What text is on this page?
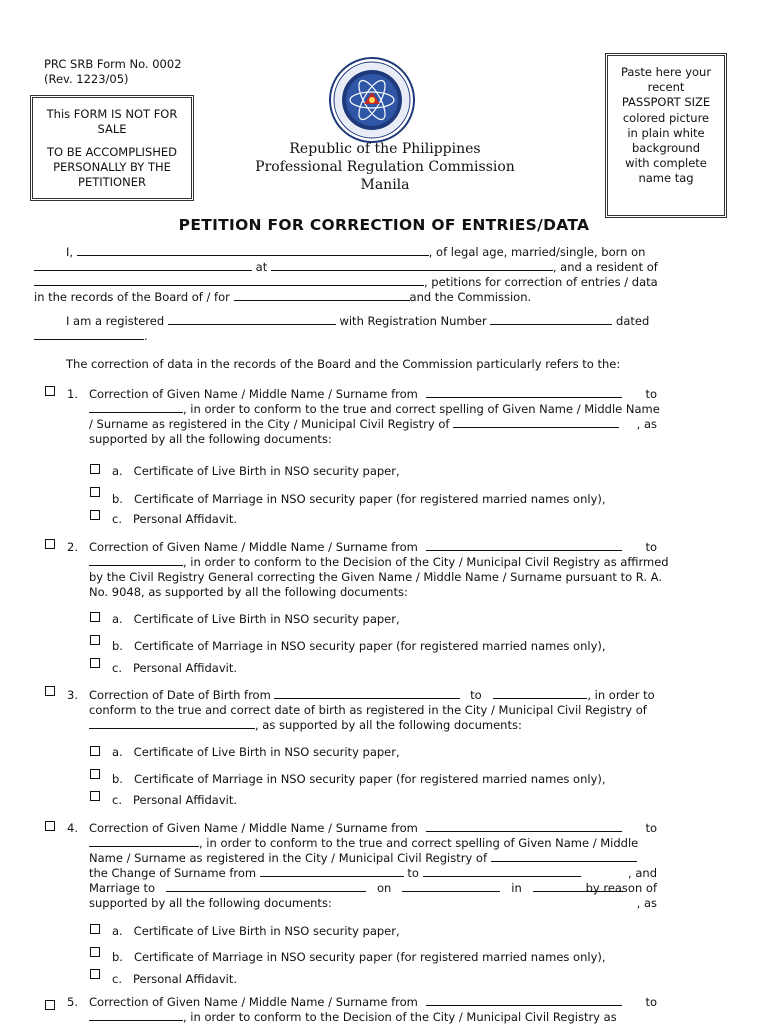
PRC SRB Form No. 0002
(Rev. 1223/05)

This FORM IS NOT FOR SALE

TO BE ACCOMPLISHED PERSONALLY BY THE PETITIONER

Republic of the Philippines
Professional Regulation Commission
Manila
Paste here your recent PASSPORT SIZE colored picture in plain white background with complete name tag
PETITION FOR CORRECTION OF ENTRIES/DATA
I,	, of legal age, married/single, born on
at	, and a resident of
, petitions for correction of entries / data
in the records of the Board of / for	and the Commission.
I am a registered	with Registration Number	dated
.
The correction of data in the records of the Board and the Commission particularly refers to the:
1. Correction of Given Name / Middle Name / Surname from	to
, in order to conform to the true and correct spelling of Given Name / Middle Name
/ Surname as registered in the City / Municipal Civil Registry of	, as
supported by all the following documents:
a. Certificate of Live Birth in NSO security paper,
b. Certificate of Marriage in NSO security paper (for registered married names only),
c. Personal Affidavit.
2. Correction of Given Name / Middle Name / Surname from	to
, in order to conform to the Decision of the City / Municipal Civil Registry as affirmed
by the Civil Registry General correcting the Given Name / Middle Name / Surname pursuant to R. A.
No. 9048, as supported by all the following documents:
a. Certificate of Live Birth in NSO security paper,
b. Certificate of Marriage in NSO security paper (for registered married names only),
c. Personal Affidavit.
3. Correction of Date of Birth from	to	, in order to
conform to the true and correct date of birth as registered in the City / Municipal Civil Registry of
, as supported by all the following documents:
a. Certificate of Live Birth in NSO security paper,
b. Certificate of Marriage in NSO security paper (for registered married names only),
c. Personal Affidavit.
4. Correction of Given Name / Middle Name / Surname from	to
, in order to conform to the true and correct spelling of Given Name / Middle
Name / Surname as registered in the City / Municipal Civil Registry of
, and
the Change of Surname from	to
by reason of
Marriage to	on	in
, as
supported by all the following documents:
a. Certificate of Live Birth in NSO security paper,
b. Certificate of Marriage in NSO security paper (for registered married names only),
c. Personal Affidavit.
5. Correction of Given Name / Middle Name / Surname from	to
, in order to conform to the Decision of the City / Municipal Civil Registry as
